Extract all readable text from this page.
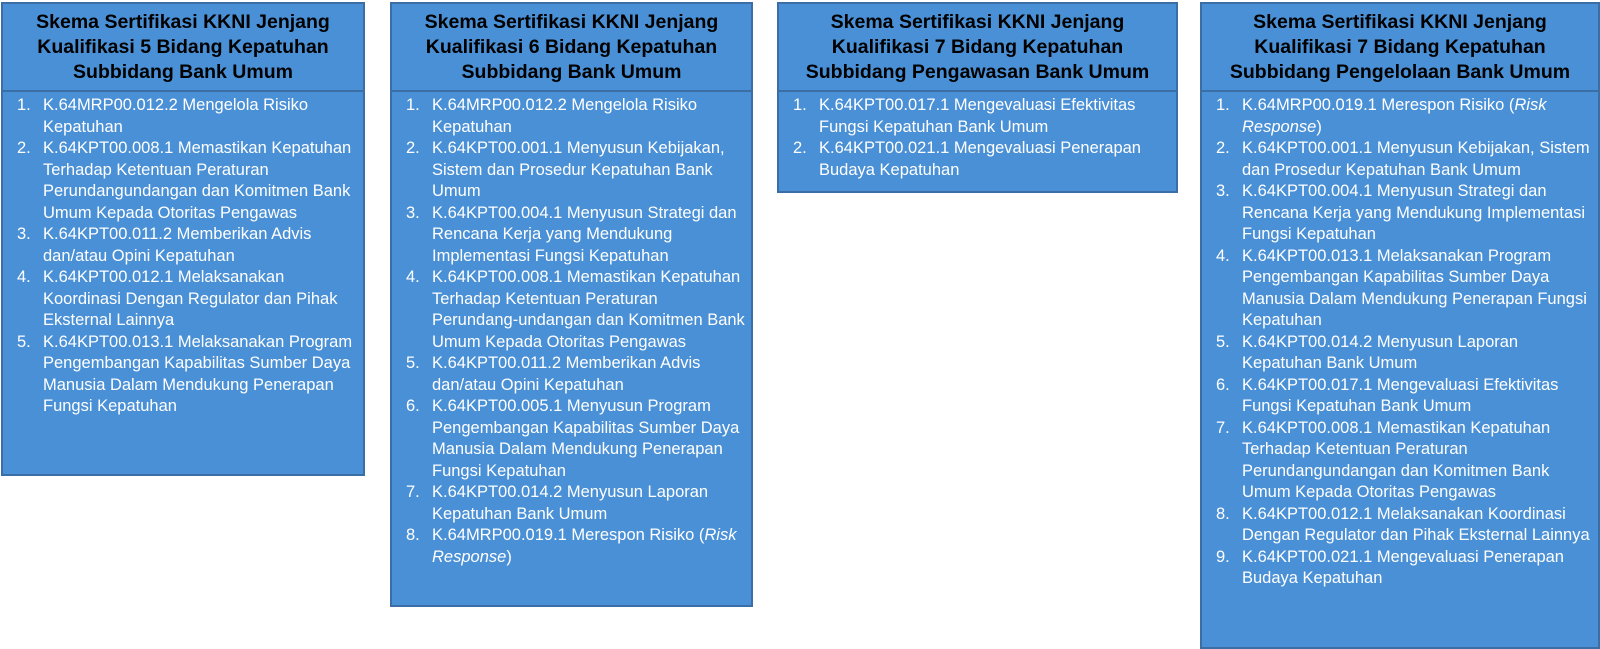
Skema Sertifikasi KKNI Jenjang Kualifikasi 5 Bidang Kepatuhan Subbidang Bank Umum
1. K.64MRP00.012.2 Mengelola Risiko Kepatuhan
2. K.64KPT00.008.1 Memastikan Kepatuhan Terhadap Ketentuan Peraturan Perundangundangan dan Komitmen Bank Umum Kepada Otoritas Pengawas
3. K.64KPT00.011.2 Memberikan Advis dan/atau Opini Kepatuhan
4. K.64KPT00.012.1 Melaksanakan Koordinasi Dengan Regulator dan Pihak Eksternal Lainnya
5. K.64KPT00.013.1 Melaksanakan Program Pengembangan Kapabilitas Sumber Daya Manusia Dalam Mendukung Penerapan Fungsi Kepatuhan
Skema Sertifikasi KKNI Jenjang Kualifikasi 6 Bidang Kepatuhan Subbidang Bank Umum
1. K.64MRP00.012.2 Mengelola Risiko Kepatuhan
2. K.64KPT00.001.1 Menyusun Kebijakan, Sistem dan Prosedur Kepatuhan Bank Umum
3. K.64KPT00.004.1 Menyusun Strategi dan Rencana Kerja yang Mendukung Implementasi Fungsi Kepatuhan
4. K.64KPT00.008.1 Memastikan Kepatuhan Terhadap Ketentuan Peraturan Perundang-undangan dan Komitmen Bank Umum Kepada Otoritas Pengawas
5. K.64KPT00.011.2 Memberikan Advis dan/atau Opini Kepatuhan
6. K.64KPT00.005.1 Menyusun Program Pengembangan Kapabilitas Sumber Daya Manusia Dalam Mendukung Penerapan Fungsi Kepatuhan
7. K.64KPT00.014.2 Menyusun Laporan Kepatuhan Bank Umum
8. K.64MRP00.019.1 Merespon Risiko (Risk Response)
Skema Sertifikasi KKNI Jenjang Kualifikasi 7 Bidang Kepatuhan Subbidang Pengawasan Bank Umum
1. K.64KPT00.017.1 Mengevaluasi Efektivitas Fungsi Kepatuhan Bank Umum
2. K.64KPT00.021.1 Mengevaluasi Penerapan Budaya Kepatuhan
Skema Sertifikasi KKNI Jenjang Kualifikasi 7 Bidang Kepatuhan Subbidang Pengelolaan Bank Umum
1. K.64MRP00.019.1 Merespon Risiko (Risk Response)
2. K.64KPT00.001.1 Menyusun Kebijakan, Sistem dan Prosedur Kepatuhan Bank Umum
3. K.64KPT00.004.1 Menyusun Strategi dan Rencana Kerja yang Mendukung Implementasi Fungsi Kepatuhan
4. K.64KPT00.013.1 Melaksanakan Program Pengembangan Kapabilitas Sumber Daya Manusia Dalam Mendukung Penerapan Fungsi Kepatuhan
5. K.64KPT00.014.2 Menyusun Laporan Kepatuhan Bank Umum
6. K.64KPT00.017.1 Mengevaluasi Efektivitas Fungsi Kepatuhan Bank Umum
7. K.64KPT00.008.1 Memastikan Kepatuhan Terhadap Ketentuan Peraturan Perundangundangan dan Komitmen Bank Umum Kepada Otoritas Pengawas
8. K.64KPT00.012.1 Melaksanakan Koordinasi Dengan Regulator dan Pihak Eksternal Lainnya
9. K.64KPT00.021.1 Mengevaluasi Penerapan Budaya Kepatuhan
